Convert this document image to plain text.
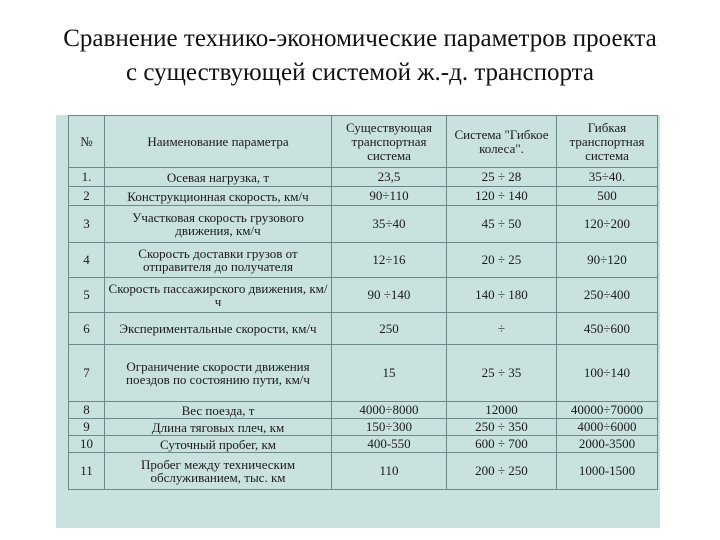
Сравнение технико-экономические параметров проекта
с существующей системой ж.-д. транспорта
№	Наименование параметра	Существующая транспортная система	Система "Гибкое колеса".	Гибкая транспортная система
1.	Осевая нагрузка, т	23,5	25 ÷ 28	35÷40.
2	Конструкционная скорость, км/ч	90÷110	120 ÷ 140	500
3	Участковая скорость грузового движения, км/ч	35÷40	45 ÷ 50	120÷200
4	Скорость доставки грузов от отправителя до получателя	12÷16	20 ÷ 25	90÷120
5	Скорость пассажирского движения, км/ч	90 ÷140	140 ÷ 180	250÷400
6	Экспериментальные скорости, км/ч	250	÷	450÷600
7	Ограничение скорости движения поездов по состоянию пути, км/ч	15	25 ÷ 35	100÷140
8	Вес поезда, т	4000÷8000	12000	40000÷70000
9	Длина тяговых плеч, км	150÷300	250 ÷ 350	4000÷6000
10	Суточный пробег, км	400-550	600 ÷ 700	2000-3500
11	Пробег между техническим обслуживанием, тыс. км	110	200 ÷ 250	1000-1500
